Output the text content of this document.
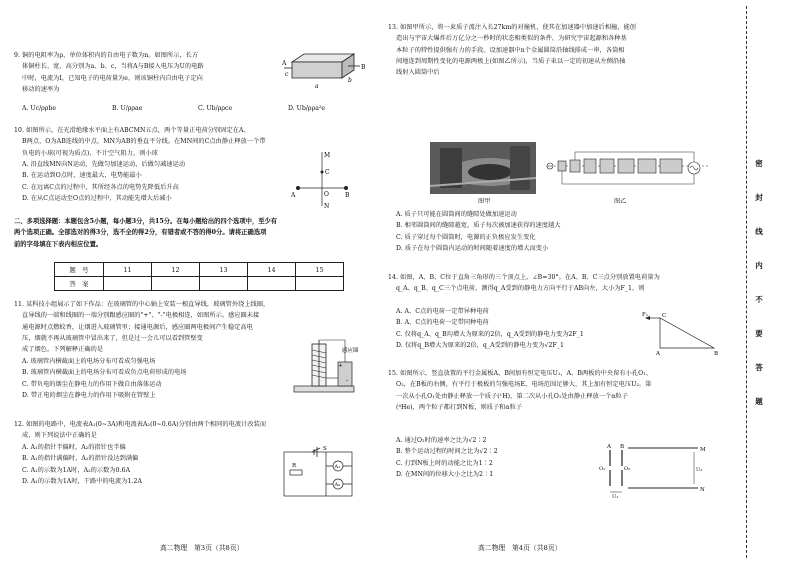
9. 铜的电阻率为ρ，单位体积内的自由电子数为n。如图所示，长方
体铜柱长、宽、高分别为a、b、c，当将A与B接入电压为U的电路
中时，电流为I，已知电子的电荷量为e，则该铜柱内自由电子定向
移动的速率为
A. Uc/ρρbe	B. U/ρρae	C. Ub/ρρce	D. Ub/ρρa²e
A
B
a
b
c
10. 如图所示，在光滑绝缘水平面上有ABCMN五点，两个等量正电荷分别固定在A、
B两点，O为AB连线的中点，MN为AB的垂直平分线。在MN间的C点由静止释放一个带
负电的小球(可视为质点)，不计空气阻力，则小球
A. 沿直线MN向N运动，先做匀加速运动，后做匀减速运动
B. 在运动到O点时，速度最大，电势能最小
C. 在远离C点的过程中，其所经各点的电势先降低后升高
D. 在从C点运动至O点的过程中，其动能先增大后减小
M
C
A	O	B
N
二、多项选择题：本题包含5小题，每小题3分，共15分。在每小题给出的四个选项中，至少有
两个选项正确。全部选对的得3分，选不全的得2分，有错者或不答的得0分。请将正确选项
前的字母填在下表内相应位置。
题　号	11	12	13	14	15
答　案					
11. 某科技小组展示了如下作品：在玻璃管的中心轴上安装一根直导线，玻璃管外绕上线圈，
直导线的一端和线圈的一端分别跟感应圈的"+"、"-"电极相连，如图所示。感应圈未接
通电源时点燃蚊香，让烟进入玻璃管里；接通电源后，感应圈两电极间产生稳定高电
压，烟就不再从玻璃管中冒出来了，但是过一会儿可以看到管壁变
成了烟色。下列解释正确的是
A. 玻璃管内横截面上的电场分布可看成匀强电场
B. 玻璃管内横截面上的电场分布可看成负点电荷形成的电场
C. 带负电的烟尘在静电力的作用下做自由落体运动
D. 带正电的烟尘在静电力的作用下吸附在管壁上
感应圈
+
-
12. 如图的电路中，电流表A₁(0~3A)和电流表A₂(0~0.6A)分别由两个相同的电流计改装而
成，则下列说法中正确的是
A. A₁的指针半偏时，A₂的指针也半偏
B. A₁的指针满偏时，A₂的指针没达到满偏
C. A₁的示数为1A时，A₂的示数为0.6A
D. A₁的示数为1A时，干路中的电流为1.2A
S
R	A₁
A₂
高二物理　第3页（共8页）
13. 如图甲所示，将一束质子流注入长27km的对撞机，使其在加速器中加速后相撞，能创
造出与宇宙大爆炸后万亿分之一秒时的状态相类似的条件，为研究宇宙起源和各种基
本粒子的特性提供强有力的手段。设加速器中n个金属圆筒沿轴线排成一串，各筒相
间地连到周期性变化的电源两极上(如图乙所示)，当质子束以一定的初速从左侧沿轴
线射入圆筒中后
图甲	图乙
A. 质子只可能在圆筒间的缝隙处做加速运动
B. 相邻圆筒间的缝隙越宽，质子每次被加速获得的速度越大
C. 质子穿过每个圆筒时，电源的正负极应发生变化
D. 质子在每个圆筒内运动的时间随着速度的增大而变小
14. 如图，A、B、C位于直角三角形的三个顶点上，∠B=30°。在A、B、C三点分别放置电荷量为
q_A、q_B、q_C三个点电荷，测得q_A受到的静电力方向平行于AB向左，大小为F_1，则
A. A、C点的电荷一定带异种电荷
B. A、C点的电荷一定带同种电荷
C. 仅将q_A、q_B均增大为原来的2倍，q_A受到的静电力变为2F_1
D. 仅将q_B增大为原来的2倍，q_A受到的静电力变为√2F_1
F₁
A	B
C
15. 如图所示，竖直放置的平行金属板A、B间加有恒定电压U₁，A、B两板的中央留有小孔O₁、
O₂，在B板的右侧，有平行于极板的匀强电场E，电场范围足够大，其上加有恒定电压U₂。第
一次从小孔O₁处由静止释放一个质子(¹H)，第二次从小孔O₁处由静止释放一个α粒子
(⁴He)，两个粒子都打到N板，则质子和α粒子
A. 通过O₂时的速率之比为√2∶2
B. 整个运动过程的时间之比为√2∶2
C. 打到N板上时的动能之比为1∶2
D. 在MN间的位移大小之比为2∶1
A B	M
N
O₁	O₂
U₁
U₂
高二物理　第4页（共8页）
密
封
线
内
不
要
答
题
